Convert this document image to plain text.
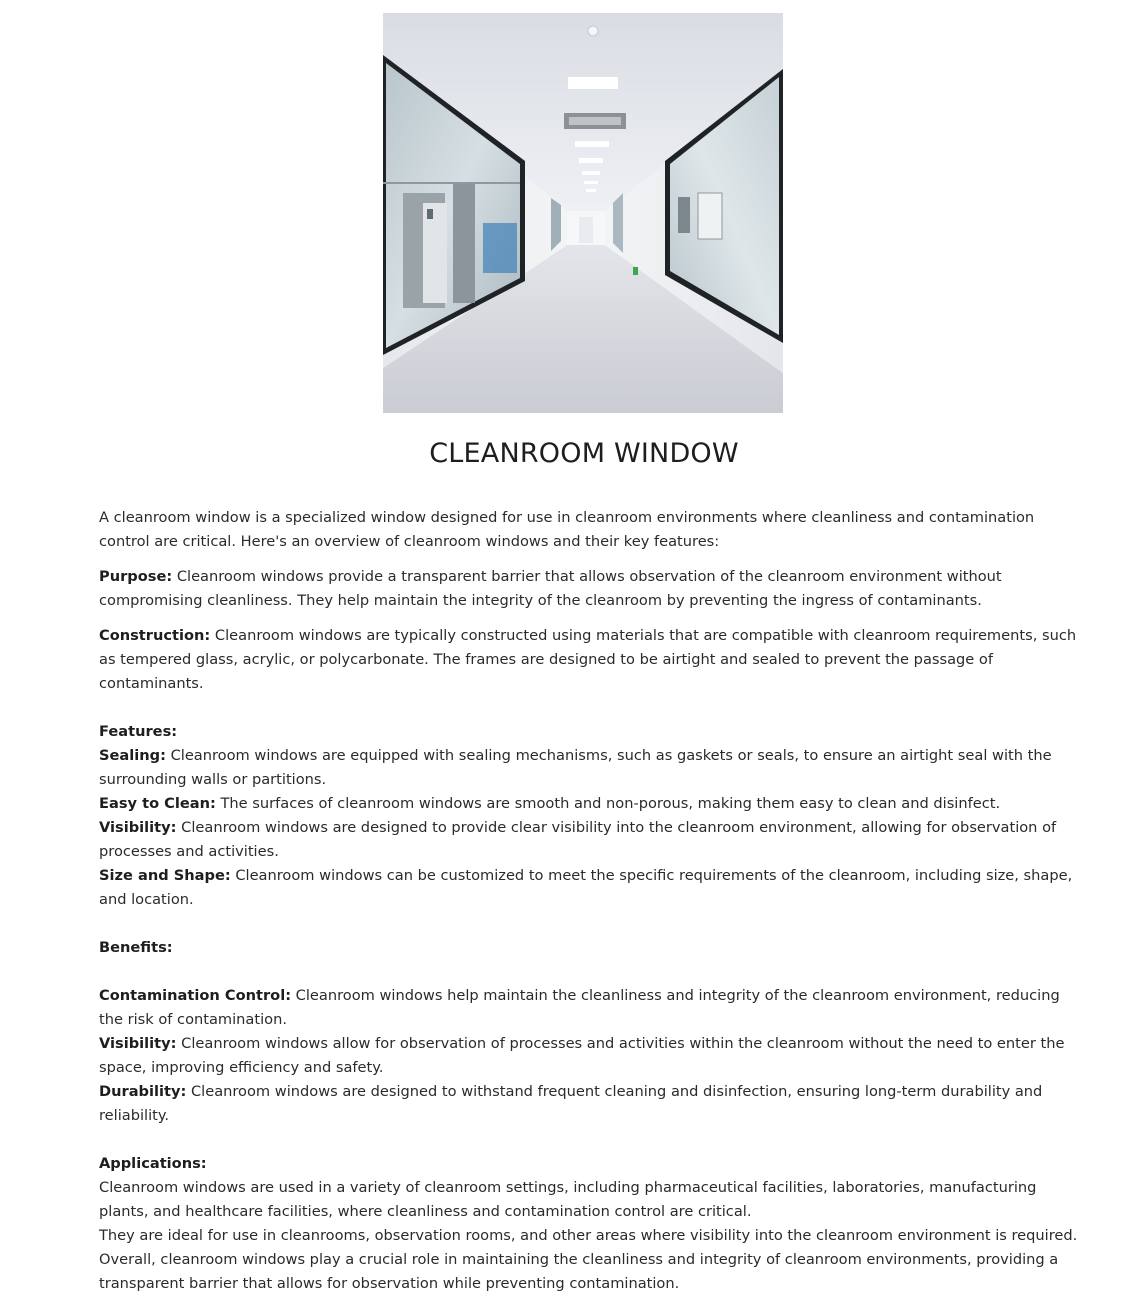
CLEANROOM WINDOW

A cleanroom window is a specialized window designed for use in cleanroom environments where cleanliness and contamination control are critical. Here's an overview of cleanroom windows and their key features:

Purpose: Cleanroom windows provide a transparent barrier that allows observation of the cleanroom environment without compromising cleanliness. They help maintain the integrity of the cleanroom by preventing the ingress of contaminants.

Construction: Cleanroom windows are typically constructed using materials that are compatible with cleanroom requirements, such as tempered glass, acrylic, or polycarbonate. The frames are designed to be airtight and sealed to prevent the passage of contaminants.

Features:

Sealing: Cleanroom windows are equipped with sealing mechanisms, such as gaskets or seals, to ensure an airtight seal with the surrounding walls or partitions.

Easy to Clean: The surfaces of cleanroom windows are smooth and non-porous, making them easy to clean and disinfect.

Visibility: Cleanroom windows are designed to provide clear visibility into the cleanroom environment, allowing for observation of processes and activities.

Size and Shape: Cleanroom windows can be customized to meet the specific requirements of the cleanroom, including size, shape, and location.

Benefits:

Contamination Control: Cleanroom windows help maintain the cleanliness and integrity of the cleanroom environment, reducing the risk of contamination.

Visibility: Cleanroom windows allow for observation of processes and activities within the cleanroom without the need to enter the space, improving efficiency and safety.

Durability: Cleanroom windows are designed to withstand frequent cleaning and disinfection, ensuring long-term durability and reliability.

Applications:

Cleanroom windows are used in a variety of cleanroom settings, including pharmaceutical facilities, laboratories, manufacturing plants, and healthcare facilities, where cleanliness and contamination control are critical.

They are ideal for use in cleanrooms, observation rooms, and other areas where visibility into the cleanroom environment is required.

Overall, cleanroom windows play a crucial role in maintaining the cleanliness and integrity of cleanroom environments, providing a transparent barrier that allows for observation while preventing contamination.
